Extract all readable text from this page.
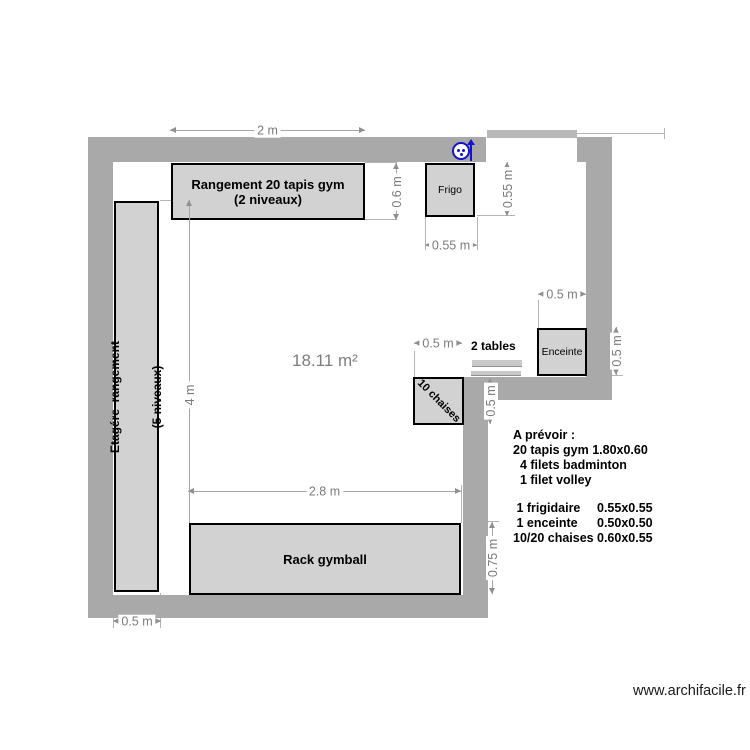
Rangement 20 tapis gym
(2 niveaux)
Frigo

Etagére  rangement

(5 niveaux)

Enceinte
10 chaises
Rack gymball
2 tables
2 m
0.55 m
0.5 m
0.5 m
2.8 m
0.5 m
0.6 m	0.55 m
0.5 m
0.5 m
4 m
0.75 m
18.11 m²
A prévoir :
20 tapis gym 1.80x0.60
4 filets badminton
1 filet volley
1 frigidaire	0.55x0.55
1 enceinte	0.50x0.50
10/20 chaises 0.60x0.55
www.archifacile.fr
